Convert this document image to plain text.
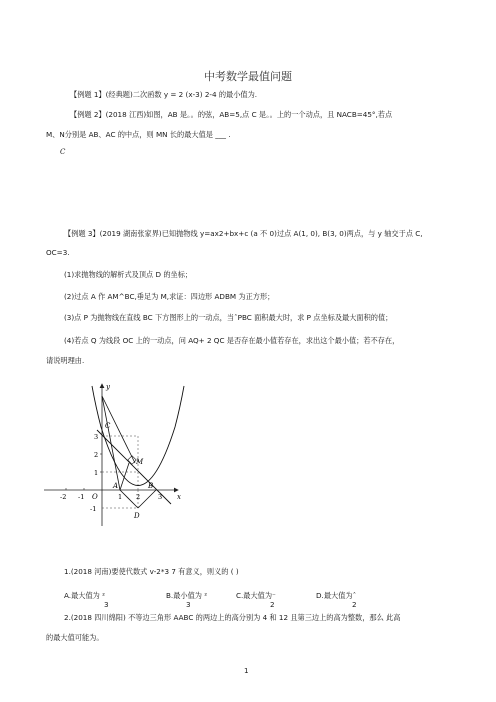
中考数学最值问题
【例题 1】(经典题)二次函数 y = 2 (x-3) 2-4 的最小值为.
【例题 2】(2018 江西)如图，AB 是。。的弦，AB=5,点 C 是。。上的一个动点，且 NACB=45°,若点
M、N分别是 AB、AC 的中点，则 MN 长的最大值是 ___ .
C
【例题 3】(2019 湖南张家界)已知抛物线 y=ax2+bx+c (a 不 0)过点 A(1, 0), B(3, 0)两点，与 y 轴交于点 C,
OC=3.
(1)求抛物线的解析式及顶点 D 的坐标；
(2)过点 A 作 AM^BC,垂足为 M,求证：四边形 ADBM 为正方形；
(3)点 P 为抛物线在直线 BC 下方图形上的一动点，当ˆPBC 面积最大时，求 P 点坐标及最大面积的值；
(4)若点 Q 为线段 OC 上的一动点，问 AQ+ 2 QC 是否存在最小值若存在，求出这个最小值；若不存在，
请说明理由.
y
x
C
M
A	B
D
O
3
2
1
-1
-2 -1	1 2	3
1.(2018 河南)要使代数式 v-2*3 7 有意义，则义的 ( )
A.最大值为 ²
3
B.最小值为 ²
3
C.最大值为⁻
2
D.最大值为ˆ
2
2.(2018 四川绵阳) 不等边三角形 AABC 的两边上的高分别为 4 和 12 且第三边上的高为整数，那么 此高
的最大值可能为。
1
